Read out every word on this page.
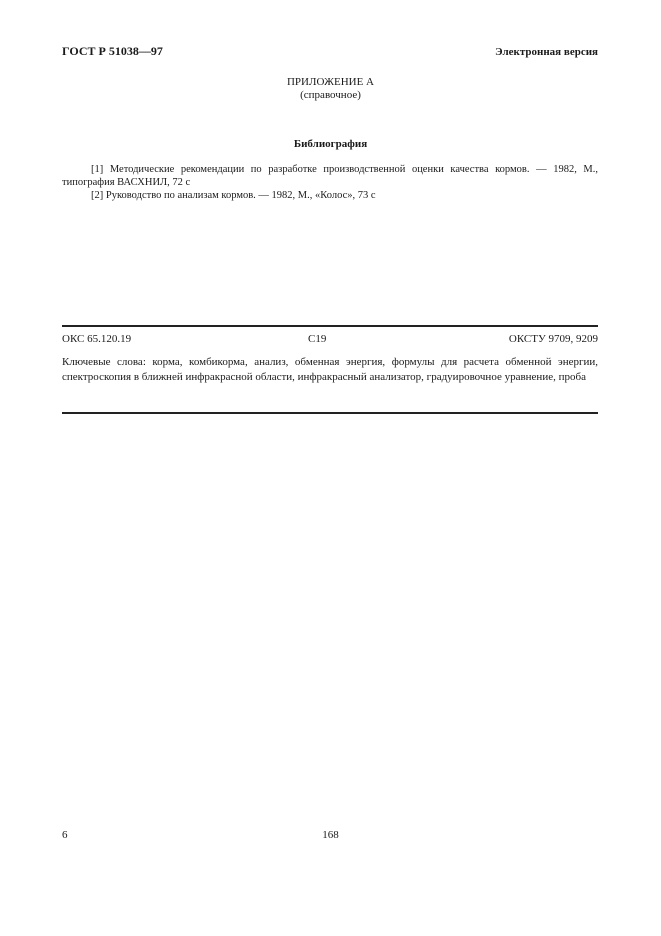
ГОСТ Р 51038—97	Электронная версия
ПРИЛОЖЕНИЕ А
(справочное)
Библиография
[1] Методические рекомендации по разработке производственной оценки качества кормов. — 1982, М., типография ВАСХНИЛ, 72 с
[2] Руководство по анализам кормов. — 1982, М., «Колос», 73 с
ОКС 65.120.19	С19	ОКСТУ 9709, 9209
Ключевые слова: корма, комбикорма, анализ, обменная энергия, формулы для расчета обменной энергии, спектроскопия в ближней инфракрасной области, инфракрасный анализатор, градуировочное уравнение, проба
6	168
